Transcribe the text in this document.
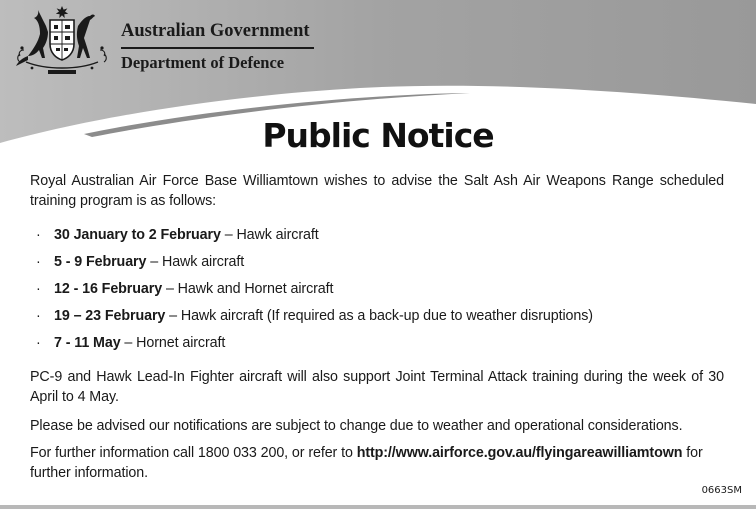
Australian Government
Department of Defence
Public Notice

Royal Australian Air Force Base Williamtown wishes to advise the Salt Ash Air Weapons Range scheduled training program is as follows:

· 30 January to 2 February – Hawk aircraft
· 5 - 9 February – Hawk aircraft
· 12 - 16 February – Hawk and Hornet aircraft
· 19 – 23 February – Hawk aircraft (If required as a back-up due to weather disruptions)
· 7 - 11 May – Hornet aircraft

PC-9 and Hawk Lead-In Fighter aircraft will also support Joint Terminal Attack training during the week of 30 April to 4 May.

Please be advised our notifications are subject to change due to weather and operational considerations.

For further information call 1800 033 200, or refer to http://www.airforce.gov.au/flyingareawilliamtown for further information.

0663SM
